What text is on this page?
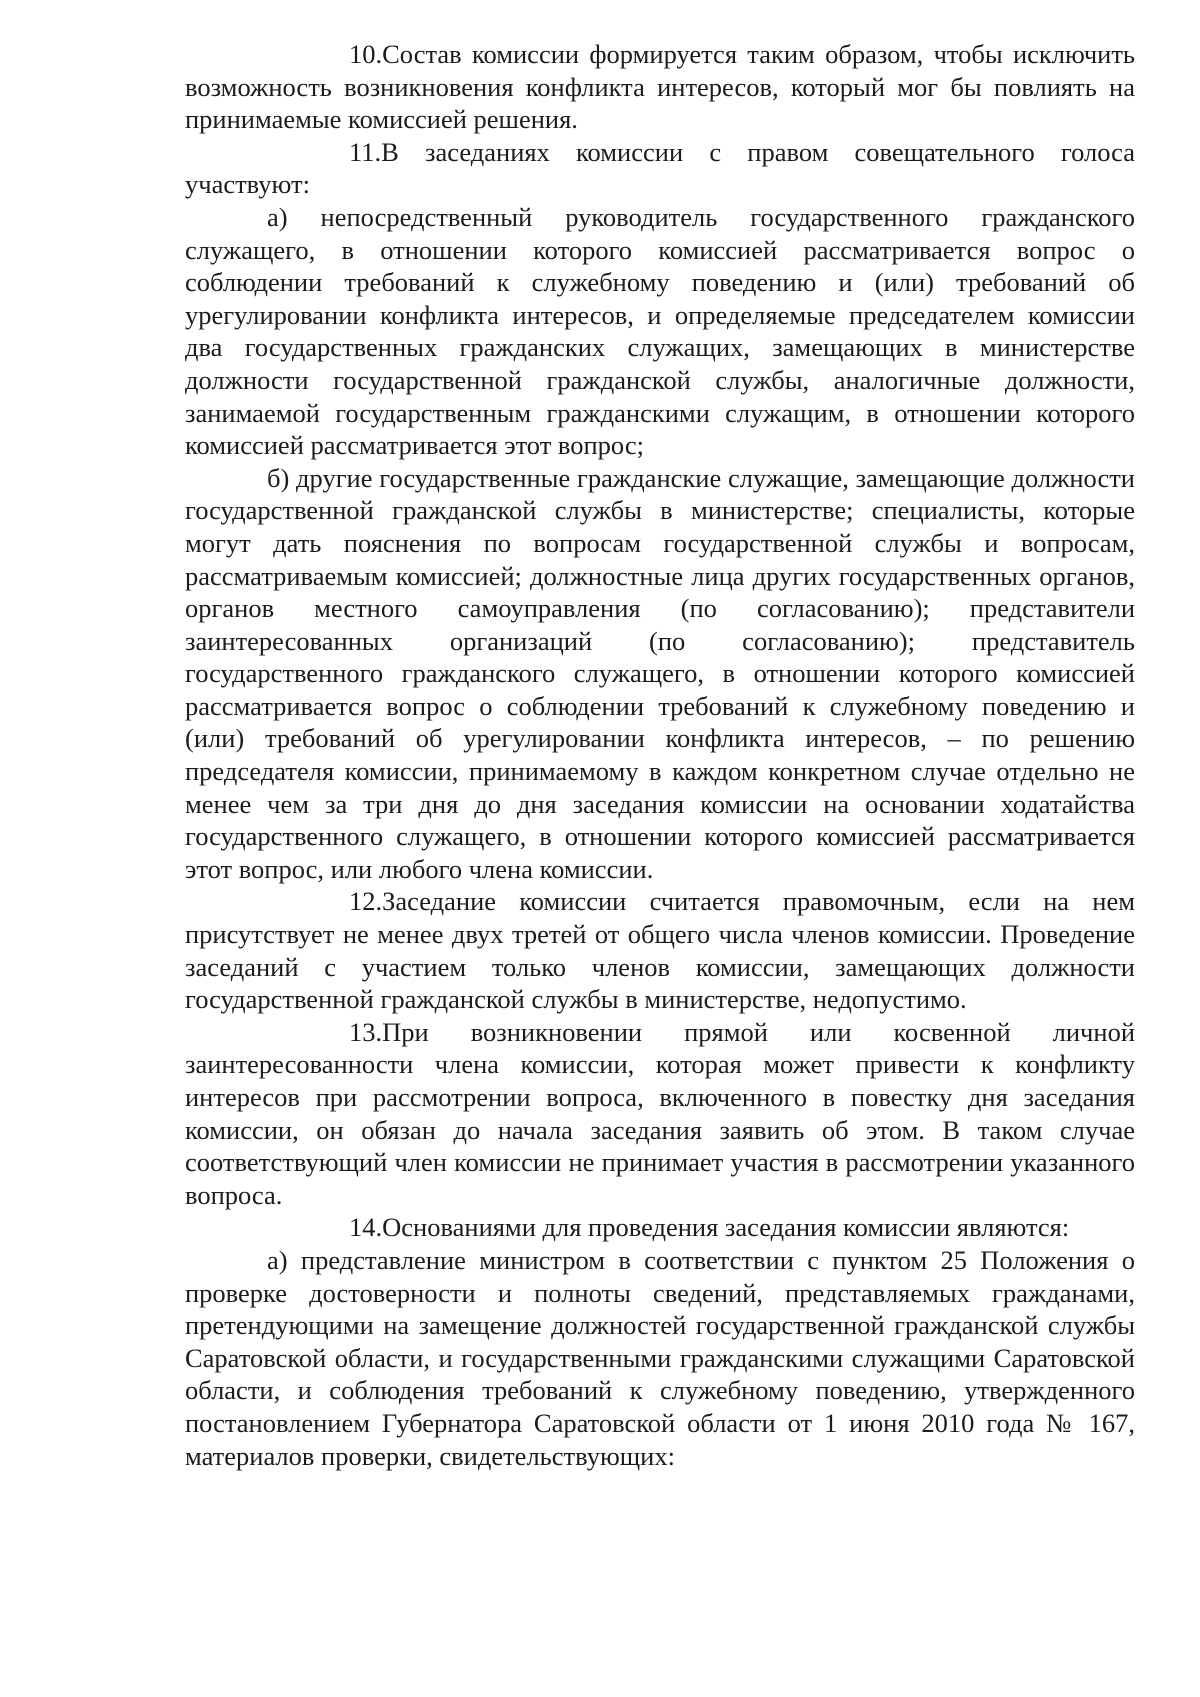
10.Состав комиссии формируется таким образом, чтобы исключить возможность возникновения конфликта интересов, который мог бы повлиять на принимаемые комиссией решения.

11.В заседаниях комиссии с правом совещательного голоса участвуют:

а) непосредственный руководитель государственного гражданского служащего, в отношении которого комиссией рассматривается вопрос о соблюдении требований к служебному поведению и (или) требований об урегулировании конфликта интересов, и определяемые председателем комиссии два государственных гражданских служащих, замещающих в министерстве должности государственной гражданской службы, аналогичные должности, занимаемой государственным гражданскими служащим, в отношении которого комиссией рассматривается этот вопрос;

б) другие государственные гражданские служащие, замещающие должности государственной гражданской службы в министерстве; специалисты, которые могут дать пояснения по вопросам государственной службы и вопросам, рассматриваемым комиссией; должностные лица других государственных органов, органов местного самоуправления (по согласованию); представители заинтересованных организаций (по согласованию); представитель государственного гражданского служащего, в отношении которого комиссией рассматривается вопрос о соблюдении требований к служебному поведению и (или) требований об урегулировании конфликта интересов, – по решению председателя комиссии, принимаемому в каждом конкретном случае отдельно не менее чем за три дня до дня заседания комиссии на основании ходатайства государственного служащего, в отношении которого комиссией рассматривается этот вопрос, или любого члена комиссии.

12.Заседание комиссии считается правомочным, если на нем присутствует не менее двух третей от общего числа членов комиссии. Проведение заседаний с участием только членов комиссии, замещающих должности государственной гражданской службы в министерстве, недопустимо.

13.При возникновении прямой или косвенной личной заинтересованности члена комиссии, которая может привести к конфликту интересов при рассмотрении вопроса, включенного в повестку дня заседания комиссии, он обязан до начала заседания заявить об этом. В таком случае соответствующий член комиссии не принимает участия в рассмотрении указанного вопроса.

14.Основаниями для проведения заседания комиссии являются:

а) представление министром в соответствии с пунктом 25 Положения о проверке достоверности и полноты сведений, представляемых гражданами, претендующими на замещение должностей государственной гражданской службы Саратовской области, и государственными гражданскими служащими Саратовской области, и соблюдения требований к служебному поведению, утвержденного постановлением Губернатора Саратовской области от 1 июня 2010 года № 167, материалов проверки, свидетельствующих:
